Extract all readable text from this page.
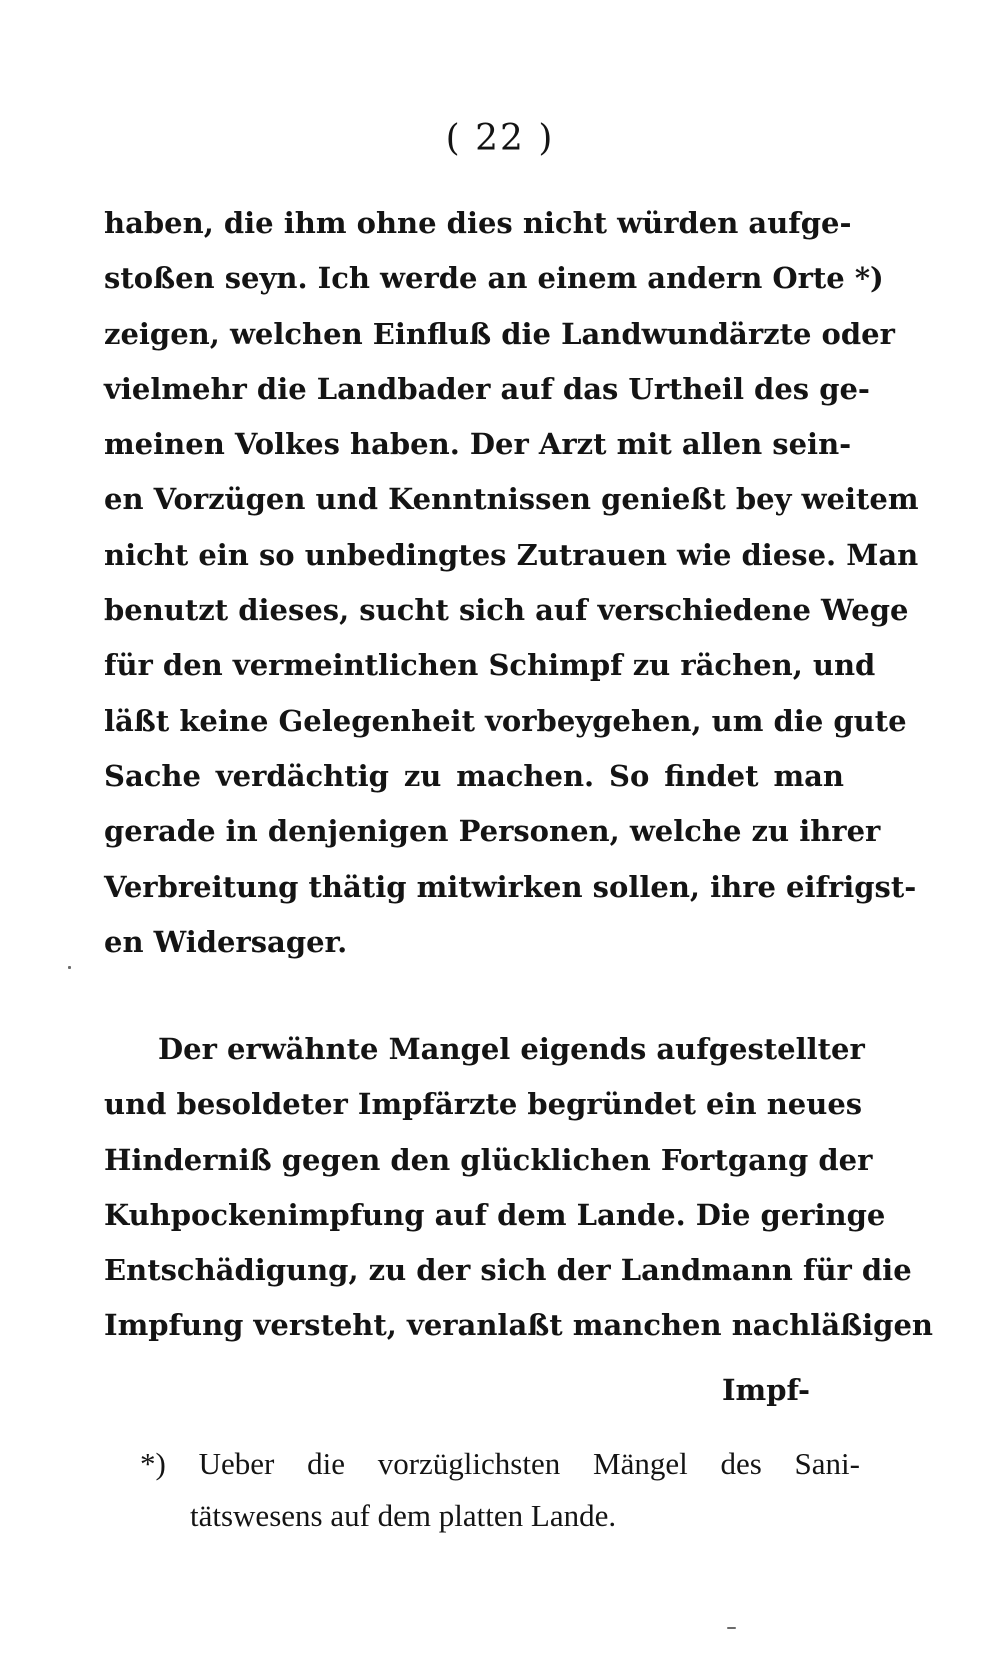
( 22 )
haben, die ihm ohne dies nicht würden aufge-
stoßen seyn. Ich werde an einem andern Orte *)
zeigen, welchen Einfluß die Landwundärzte oder
vielmehr die Landbader auf das Urtheil des ge-
meinen Volkes haben. Der Arzt mit allen sein-
en Vorzügen und Kenntnissen genießt bey weitem
nicht ein so unbedingtes Zutrauen wie diese. Man
benutzt dieses, sucht sich auf verschiedene Wege
für den vermeintlichen Schimpf zu rächen, und
läßt keine Gelegenheit vorbeygehen, um die gute
Sache verdächtig zu machen. So findet man
gerade in denjenigen Personen, welche zu ihrer
Verbreitung thätig mitwirken sollen, ihre eifrigst-
en Widersager.
Der erwähnte Mangel eigends aufgestellter
und besoldeter Impfärzte begründet ein neues
Hinderniß gegen den glücklichen Fortgang der
Kuhpockenimpfung auf dem Lande. Die geringe
Entschädigung, zu der sich der Landmann für die
Impfung versteht, veranlaßt manchen nachläßigen
Impf-
*) Ueber die vorzüglichsten Mängel des Sani-
tätswesens auf dem platten Lande.
